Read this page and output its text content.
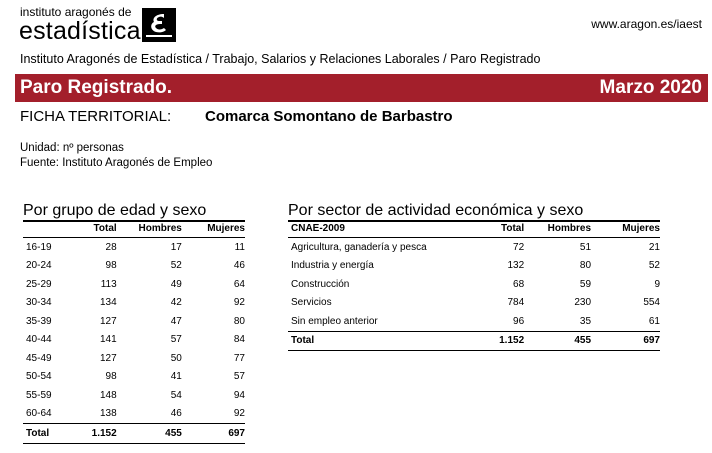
instituto aragonés de
estadística	www.aragon.es/iaest
Instituto Aragonés de Estadística / Trabajo, Salarios y Relaciones Laborales / Paro Registrado
Paro Registrado.	Marzo 2020
FICHA TERRITORIAL: Comarca Somontano de Barbastro
Unidad: nº personas
Fuente: Instituto Aragonés de Empleo
Por grupo de edad y sexo
	Total	Hombres	Mujeres
16-19	28	17	11
20-24	98	52	46
25-29	113	49	64
30-34	134	42	92
35-39	127	47	80
40-44	141	57	84
45-49	127	50	77
50-54	98	41	57
55-59	148	54	94
60-64	138	46	92
Total	1.152	455	697
Por sector de actividad económica y sexo
CNAE-2009	Total	Hombres	Mujeres
Agricultura, ganadería y pesca	72	51	21
Industria y energía	132	80	52
Construcción	68	59	9
Servicios	784	230	554
Sin empleo anterior	96	35	61
Total	1.152	455	697
